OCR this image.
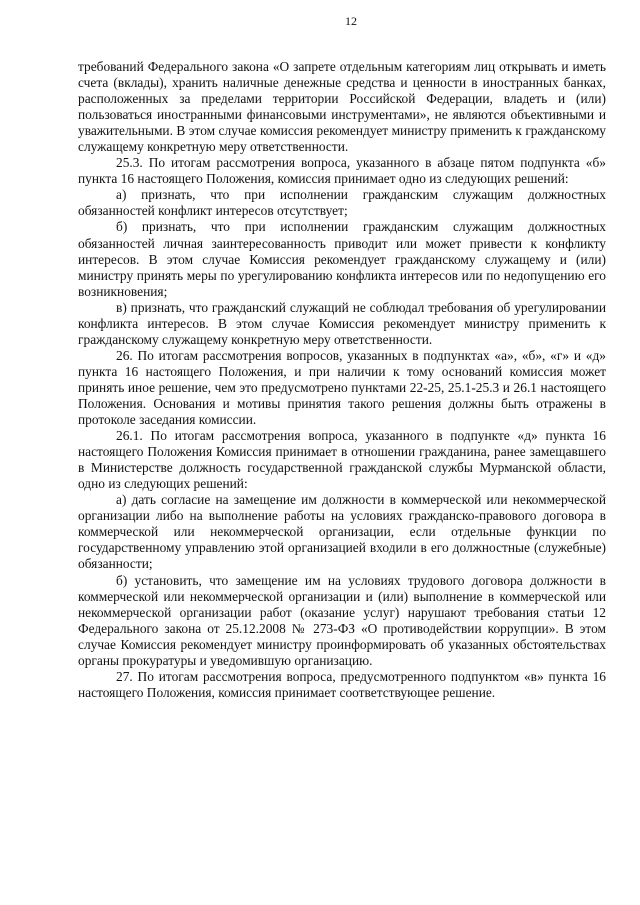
12

требований Федерального закона «О запрете отдельным категориям лиц открывать и иметь счета (вклады), хранить наличные денежные средства и ценности в иностранных банках, расположенных за пределами территории Российской Федерации, владеть и (или) пользоваться иностранными финансовыми инструментами», не являются объективными и уважительными. В этом случае комиссия рекомендует министру применить к гражданскому служащему конкретную меру ответственности.

25.3. По итогам рассмотрения вопроса, указанного в абзаце пятом подпункта «б» пункта 16 настоящего Положения, комиссия принимает одно из следующих решений:

а) признать, что при исполнении гражданским служащим должностных обязанностей конфликт интересов отсутствует;

б) признать, что при исполнении гражданским служащим должностных обязанностей личная заинтересованность приводит или может привести к конфликту интересов. В этом случае Комиссия рекомендует гражданскому служащему и (или) министру принять меры по урегулированию конфликта интересов или по недопущению его возникновения;

в) признать, что гражданский служащий не соблюдал требования об урегулировании конфликта интересов. В этом случае Комиссия рекомендует министру применить к гражданскому служащему конкретную меру ответственности.

26. По итогам рассмотрения вопросов, указанных в подпунктах «а», «б», «г» и «д» пункта 16 настоящего Положения, и при наличии к тому оснований комиссия может принять иное решение, чем это предусмотрено пунктами 22-25, 25.1-25.3 и 26.1 настоящего Положения. Основания и мотивы принятия такого решения должны быть отражены в протоколе заседания комиссии.

26.1. По итогам рассмотрения вопроса, указанного в подпункте «д» пункта 16 настоящего Положения Комиссия принимает в отношении гражданина, ранее замещавшего в Министерстве должность государственной гражданской службы Мурманской области, одно из следующих решений:

а) дать согласие на замещение им должности в коммерческой или некоммерческой организации либо на выполнение работы на условиях гражданско-правового договора в коммерческой или некоммерческой организации, если отдельные функции по государственному управлению этой организацией входили в его должностные (служебные) обязанности;

б) установить, что замещение им на условиях трудового договора должности в коммерческой или некоммерческой организации и (или) выполнение в коммерческой или некоммерческой организации работ (оказание услуг) нарушают требования статьи 12 Федерального закона от 25.12.2008 № 273-ФЗ «О противодействии коррупции». В этом случае Комиссия рекомендует министру проинформировать об указанных обстоятельствах органы прокуратуры и уведомившую организацию.

27. По итогам рассмотрения вопроса, предусмотренного подпунктом «в» пункта 16 настоящего Положения, комиссия принимает соответствующее решение.
